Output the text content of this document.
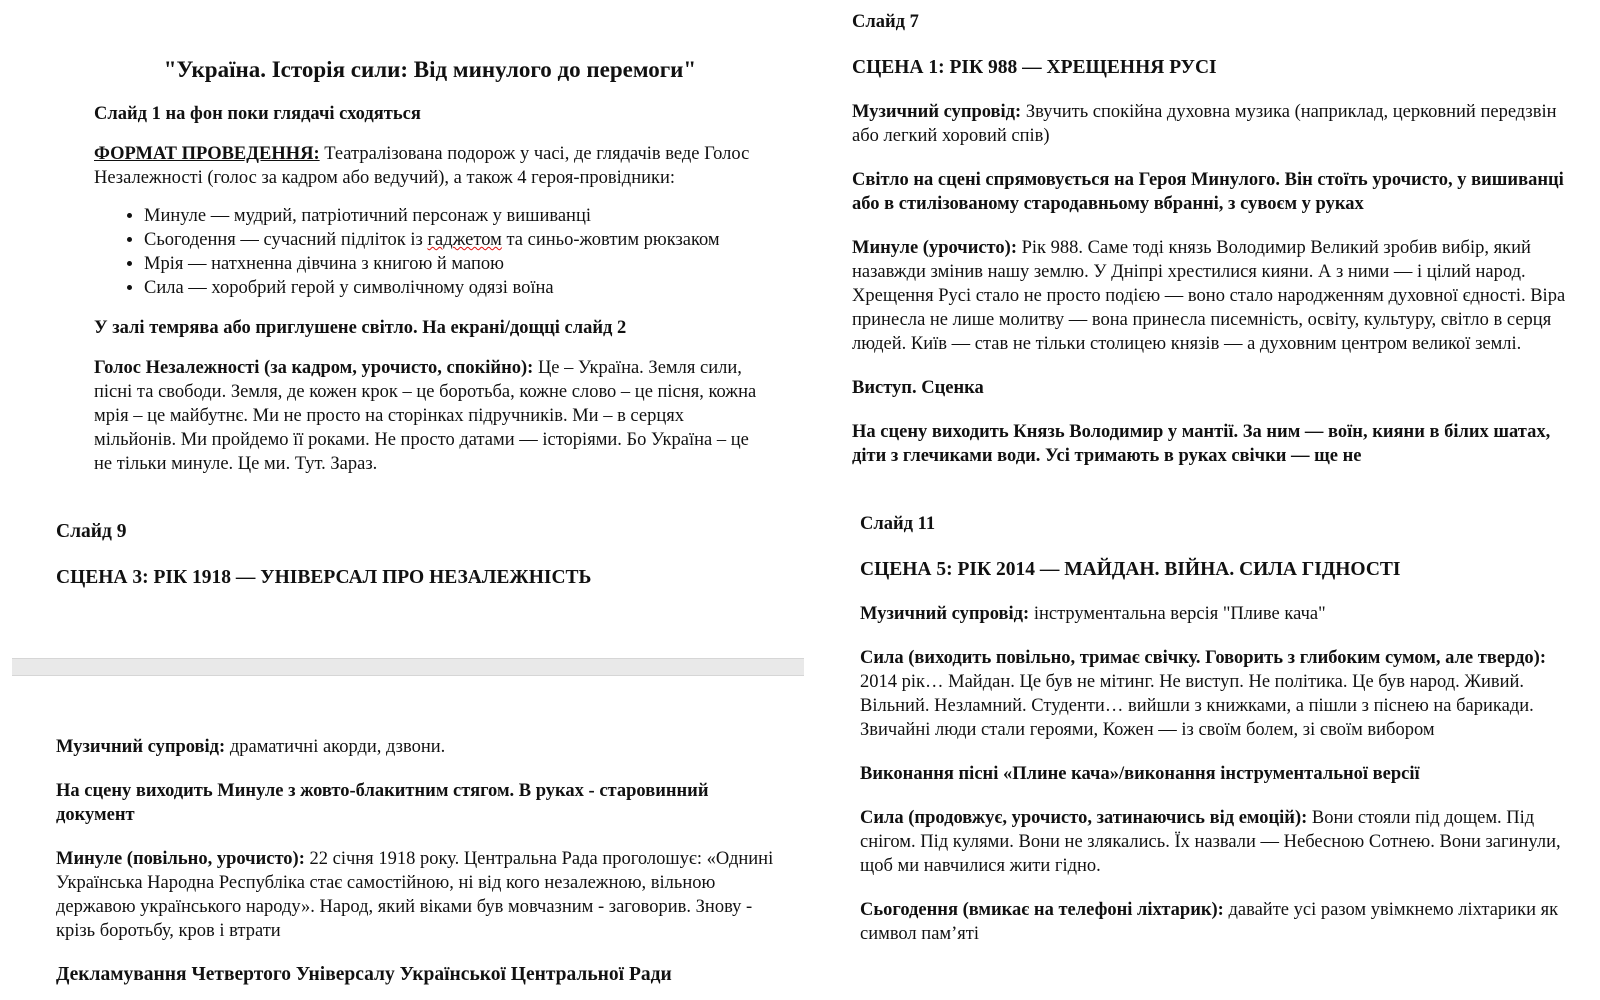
"Україна. Історія сили: Від минулого до перемоги"

Слайд 1 на фон поки глядачі сходяться

ФОРМАТ ПРОВЕДЕННЯ: Театралізована подорож у часі, де глядачів веде Голос Незалежності (голос за кадром або ведучий), а також 4 героя-провідники:

• Минуле — мудрий, патріотичний персонаж у вишиванці
• Сьогодення — сучасний підліток із гаджетом та синьо-жовтим рюкзаком
• Мрія — натхненна дівчина з книгою й мапою
• Сила — хоробрий герой у символічному одязі воїна

У залі темрява або приглушене світло. На екрані/дощці слайд 2

Голос Незалежності (за кадром, урочисто, спокійно): Це – Україна. Земля сили, пісні та свободи. Земля, де кожен крок – це боротьба, кожне слово – це пісня, кожна мрія – це майбутнє. Ми не просто на сторінках підручників. Ми – в серцях мільйонів. Ми пройдемо її роками. Не просто датами — історіями. Бо Україна – це не тільки минуле. Це ми. Тут. Зараз.

Слайд 9

СЦЕНА 3: РІК 1918 — УНІВЕРСАЛ ПРО НЕЗАЛЕЖНІСТЬ

Музичний супровід: драматичні акорди, дзвони.

На сцену виходить Минуле з жовто-блакитним стягом. В руках - старовинний документ

Минуле (повільно, урочисто): 22 січня 1918 року. Центральна Рада проголошує: «Однині Українська Народна Республіка стає самостійною, ні від кого незалежною, вільною державою українського народу». Народ, який віками був мовчазним - заговорив. Знову - крізь боротьбу, кров і втрати

Декламування Четвертого Універсалу Української Центральної Ради

Слайд 7

СЦЕНА 1: РІК 988 — ХРЕЩЕННЯ РУСІ

Музичний супровід: Звучить спокійна духовна музика (наприклад, церковний передзвін або легкий хоровий спів)

Світло на сцені спрямовується на Героя Минулого. Він стоїть урочисто, у вишиванці або в стилізованому стародавньому вбранні, з сувоєм у руках

Минуле (урочисто): Рік 988. Саме тоді князь Володимир Великий зробив вибір, який назавжди змінив нашу землю. У Дніпрі хрестилися кияни. А з ними — і цілий народ. Хрещення Русі стало не просто подією — воно стало народженням духовної єдності. Віра принесла не лише молитву — вона принесла писемність, освіту, культуру, світло в серця людей. Київ — став не тільки столицею князів — а духовним центром великої землі.

Виступ. Сценка

На сцену виходить Князь Володимир у мантії. За ним — воїн, кияни в білих шатах, діти з глечиками води. Усі тримають в руках свічки — ще не

Слайд 11

СЦЕНА 5: РІК 2014 — МАЙДАН. ВІЙНА. СИЛА ГІДНОСТІ

Музичний супровід: інструментальна версія "Пливе кача"

Сила (виходить повільно, тримає свічку. Говорить з глибоким сумом, але твердо): 2014 рік… Майдан. Це був не мітинг. Не виступ. Не політика. Це був народ. Живий. Вільний. Незламний. Студенти… вийшли з книжками, а пішли з піснею на барикади. Звичайні люди стали героями, Кожен — із своїм болем, зі своїм вибором

Виконання пісні «Плине кача»/виконання інструментальної версії

Сила (продовжує, урочисто, затинаючись від емоцій): Вони стояли під дощем. Під снігом. Під кулями. Вони не злякались. Їх назвали — Небесною Сотнею. Вони загинули, щоб ми навчилися жити гідно.

Сьогодення (вмикає на телефоні ліхтарик): давайте усі разом увімкнемо ліхтарики як символ пам’яті
